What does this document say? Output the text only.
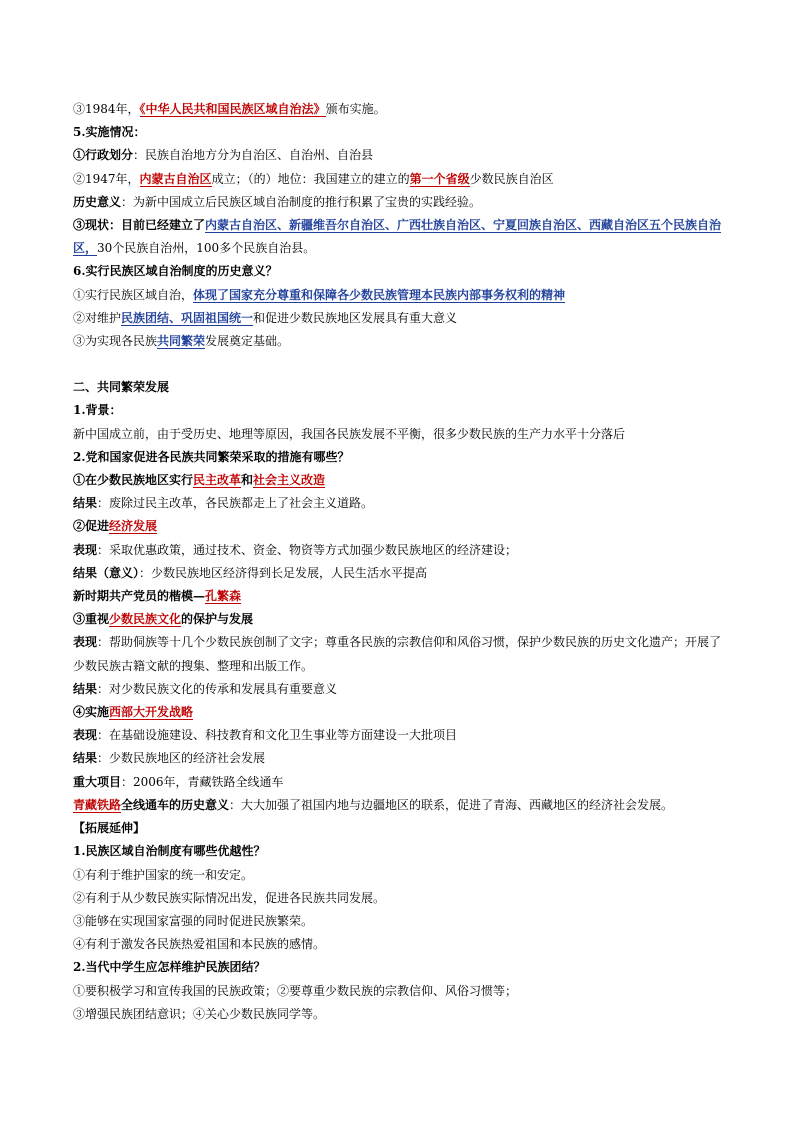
③1984年，《中华人民共和国民族区域自治法》颁布实施。
5.实施情况：
①行政划分：民族自治地方分为自治区、自治州、自治县
②1947年，内蒙古自治区成立；（的）地位：我国建立的建立的第一个省级少数民族自治区
历史意义：为新中国成立后民族区域自治制度的推行积累了宝贵的实践经验。
③现状：目前已经建立了内蒙古自治区、新疆维吾尔自治区、广西壮族自治区、宁夏回族自治区、西藏自治区五个民族自治区，30个民族自治州，100多个民族自治县。
6.实行民族区域自治制度的历史意义？
①实行民族区域自治，体现了国家充分尊重和保障各少数民族管理本民族内部事务权利的精神
②对维护民族团结、巩固祖国统一和促进少数民族地区发展具有重大意义
③为实现各民族共同繁荣发展奠定基础。
二、共同繁荣发展
1.背景：
新中国成立前，由于受历史、地理等原因，我国各民族发展不平衡，很多少数民族的生产力水平十分落后
2.党和国家促进各民族共同繁荣采取的措施有哪些？
①在少数民族地区实行民主改革和社会主义改造
结果：废除过民主改革，各民族都走上了社会主义道路。
②促进经济发展
表现：采取优惠政策，通过技术、资金、物资等方式加强少数民族地区的经济建设；
结果（意义）：少数民族地区经济得到长足发展，人民生活水平提高
新时期共产党员的楷模—孔繁森
③重视少数民族文化的保护与发展
表现：帮助侗族等十几个少数民族创制了文字；尊重各民族的宗教信仰和风俗习惯，保护少数民族的历史文化遗产；开展了少数民族古籍文献的搜集、整理和出版工作。
结果：对少数民族文化的传承和发展具有重要意义
④实施西部大开发战略
表现：在基础设施建设、科技教育和文化卫生事业等方面建设一大批项目
结果：少数民族地区的经济社会发展
重大项目：2006年，青藏铁路全线通车
青藏铁路全线通车的历史意义：大大加强了祖国内地与边疆地区的联系，促进了青海、西藏地区的经济社会发展。
【拓展延伸】
1.民族区域自治制度有哪些优越性？
①有利于维护国家的统一和安定。
②有利于从少数民族实际情况出发，促进各民族共同发展。
③能够在实现国家富强的同时促进民族繁荣。
④有利于激发各民族热爱祖国和本民族的感情。
2.当代中学生应怎样维护民族团结？
①要积极学习和宣传我国的民族政策；②要尊重少数民族的宗教信仰、风俗习惯等；
③增强民族团结意识；④关心少数民族同学等。
